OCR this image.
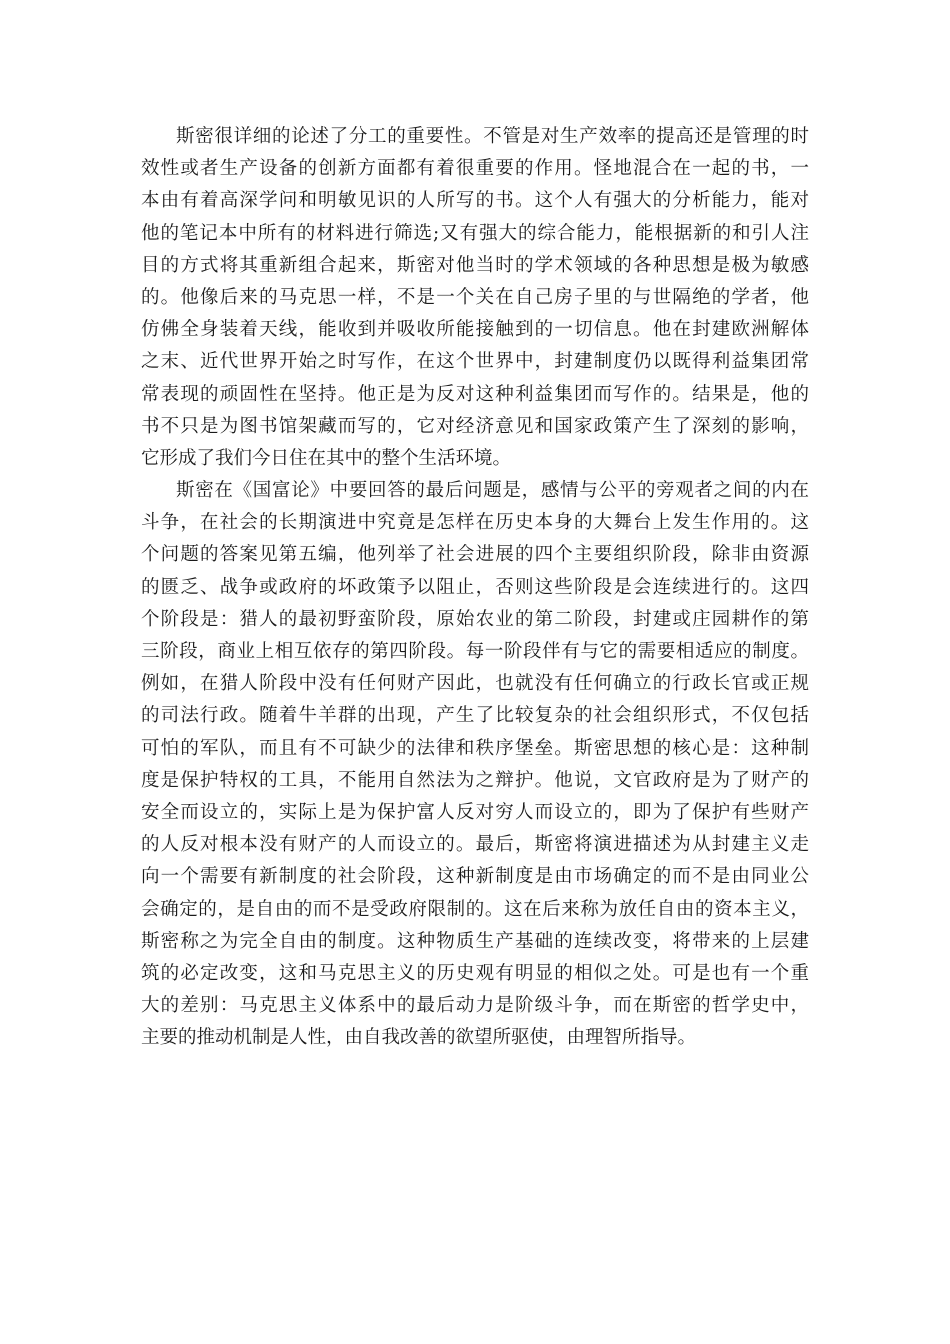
斯密很详细的论述了分工的重要性。不管是对生产效率的提高还是管理的时
效性或者生产设备的创新方面都有着很重要的作用。怪地混合在一起的书，一
本由有着高深学问和明敏见识的人所写的书。这个人有强大的分析能力，能对
他的笔记本中所有的材料进行筛选;又有强大的综合能力，能根据新的和引人注
目的方式将其重新组合起来，斯密对他当时的学术领域的各种思想是极为敏感
的。他像后来的马克思一样，不是一个关在自己房子里的与世隔绝的学者，他
仿佛全身装着天线，能收到并吸收所能接触到的一切信息。他在封建欧洲解体
之末、近代世界开始之时写作，在这个世界中，封建制度仍以既得利益集团常
常表现的顽固性在坚持。他正是为反对这种利益集团而写作的。结果是，他的
书不只是为图书馆架藏而写的，它对经济意见和国家政策产生了深刻的影响，
它形成了我们今日住在其中的整个生活环境。

斯密在《国富论》中要回答的最后问题是，感情与公平的旁观者之间的内在
斗争，在社会的长期演进中究竟是怎样在历史本身的大舞台上发生作用的。这
个问题的答案见第五编，他列举了社会进展的四个主要组织阶段，除非由资源
的匮乏、战争或政府的坏政策予以阻止，否则这些阶段是会连续进行的。这四
个阶段是：猎人的最初野蛮阶段，原始农业的第二阶段，封建或庄园耕作的第
三阶段，商业上相互依存的第四阶段。每一阶段伴有与它的需要相适应的制度。
例如，在猎人阶段中没有任何财产因此，也就没有任何确立的行政长官或正规
的司法行政。随着牛羊群的出现，产生了比较复杂的社会组织形式，不仅包括
可怕的军队，而且有不可缺少的法律和秩序堡垒。斯密思想的核心是：这种制
度是保护特权的工具，不能用自然法为之辩护。他说，文官政府是为了财产的
安全而设立的，实际上是为保护富人反对穷人而设立的，即为了保护有些财产
的人反对根本没有财产的人而设立的。最后，斯密将演进描述为从封建主义走
向一个需要有新制度的社会阶段，这种新制度是由市场确定的而不是由同业公
会确定的，是自由的而不是受政府限制的。这在后来称为放任自由的资本主义，
斯密称之为完全自由的制度。这种物质生产基础的连续改变，将带来的上层建
筑的必定改变，这和马克思主义的历史观有明显的相似之处。可是也有一个重
大的差别：马克思主义体系中的最后动力是阶级斗争，而在斯密的哲学史中，
主要的推动机制是人性，由自我改善的欲望所驱使，由理智所指导。
